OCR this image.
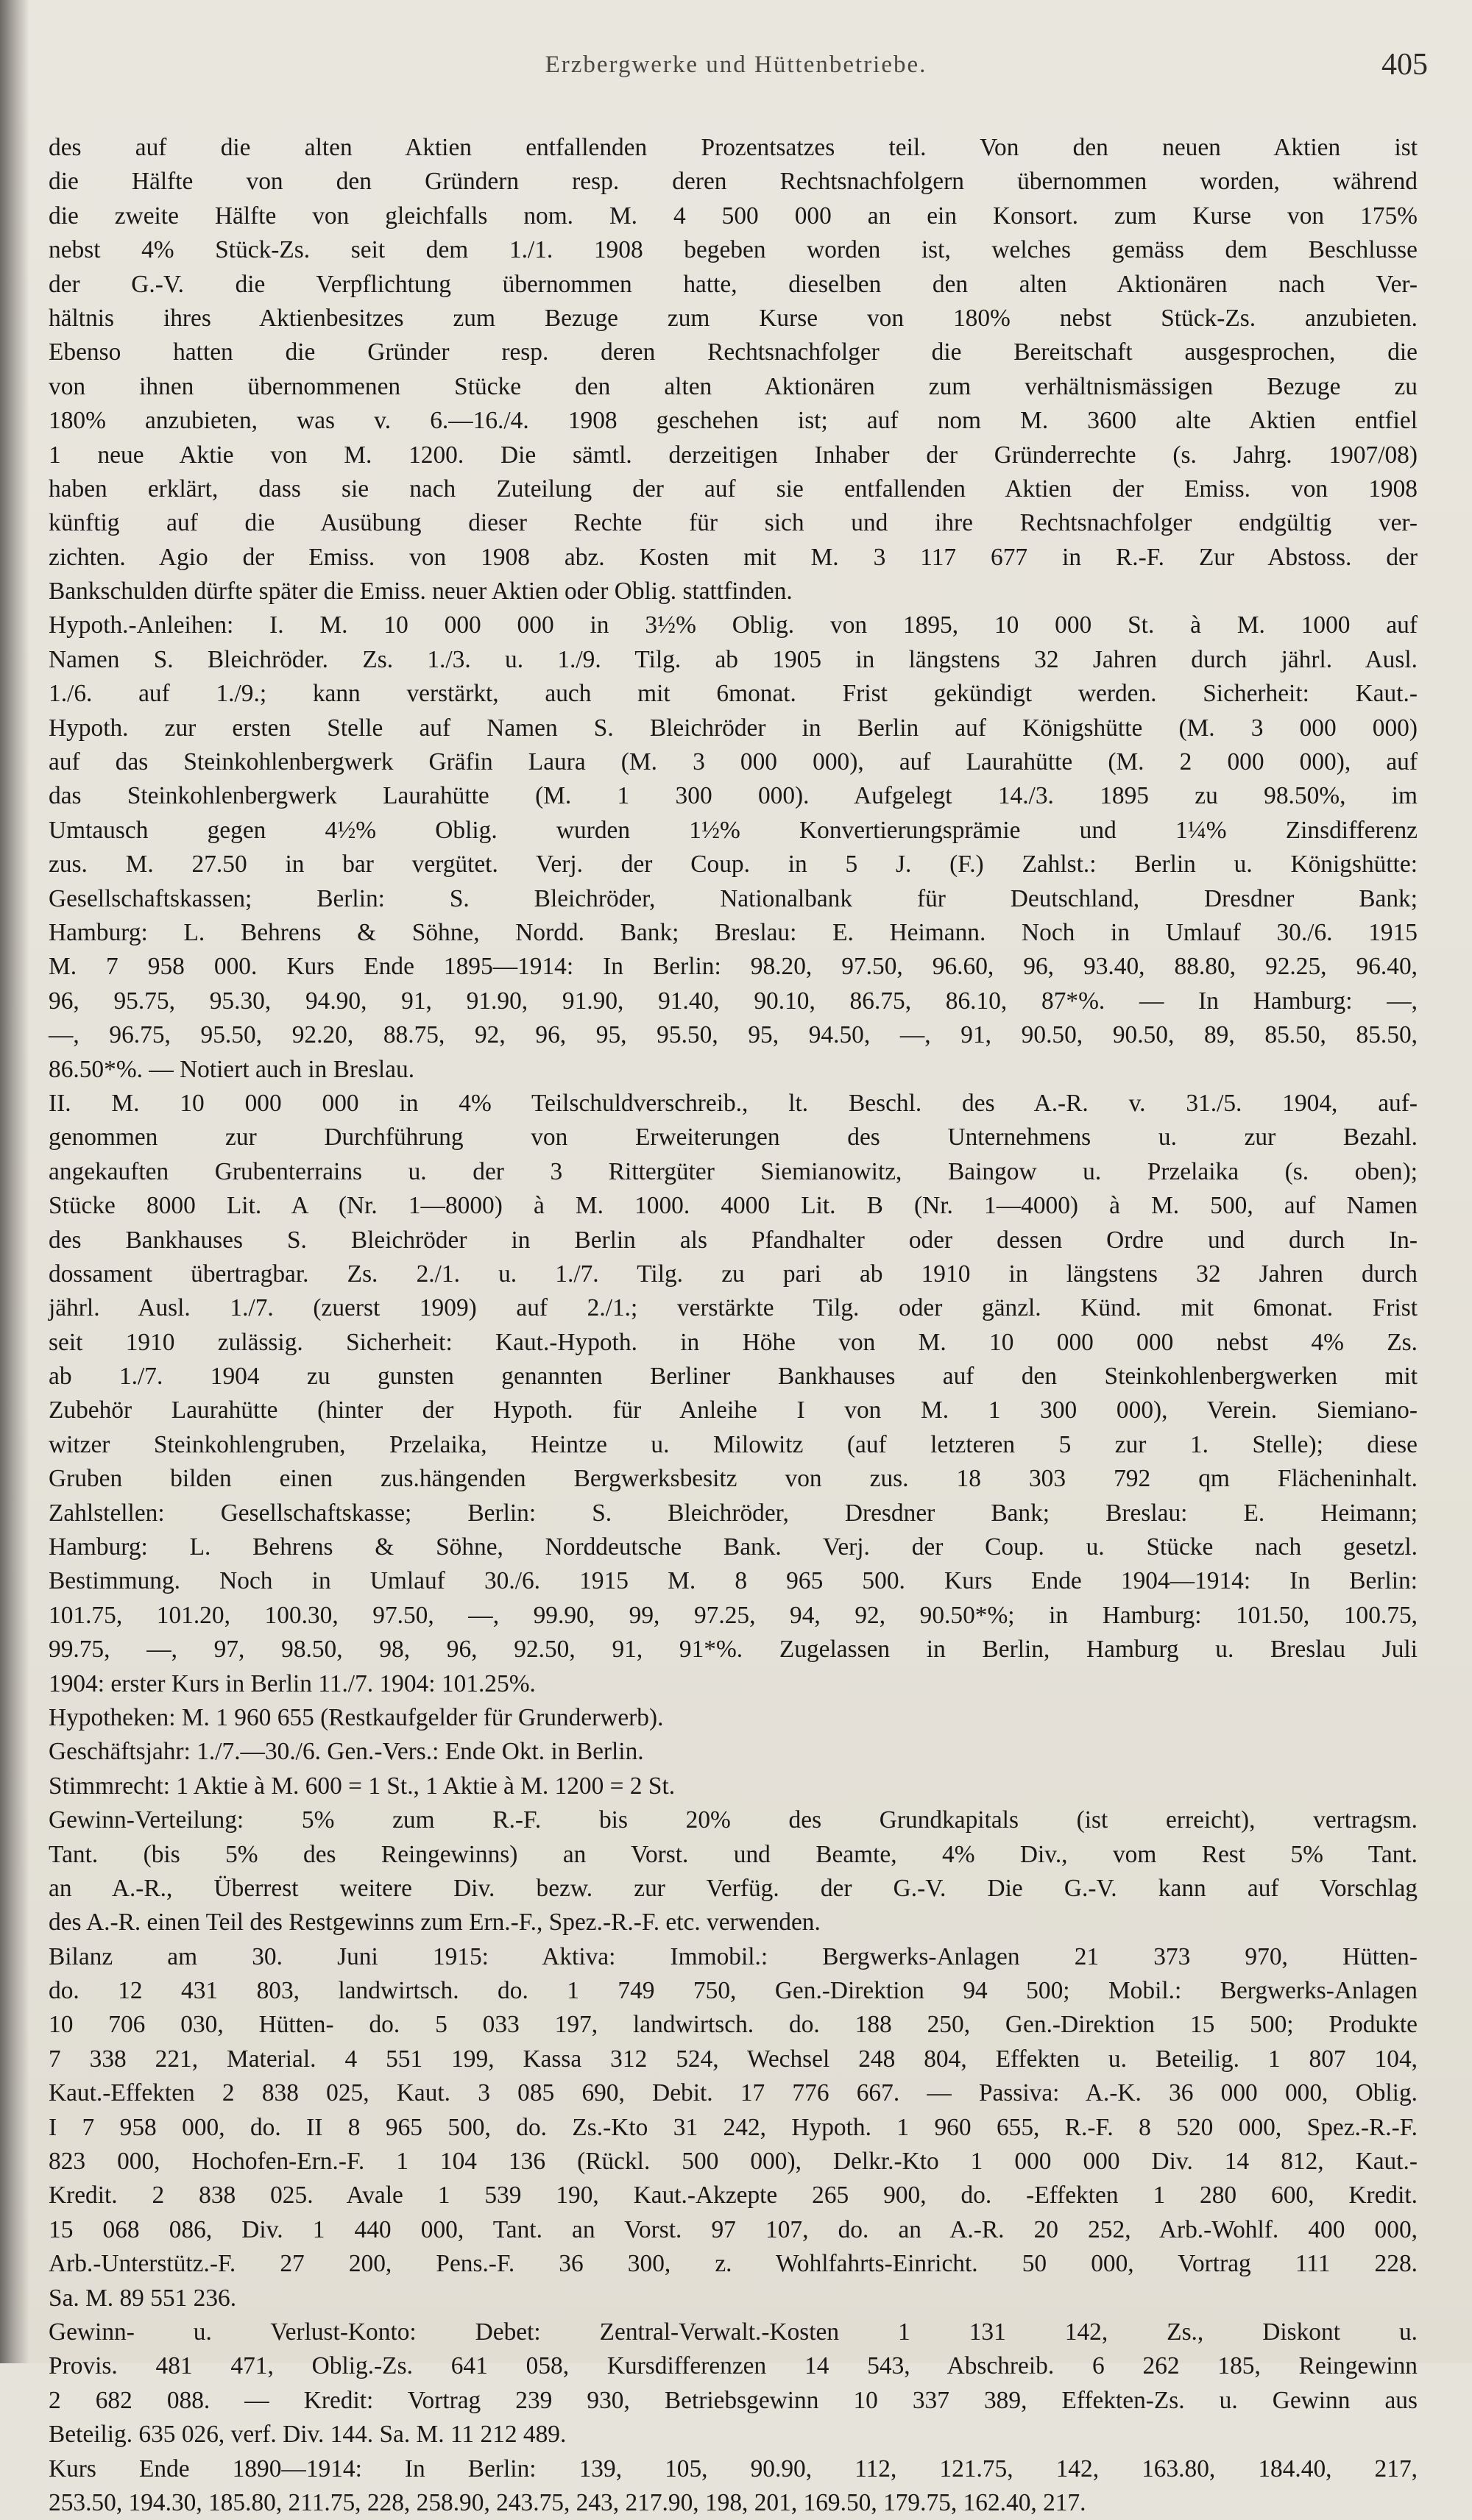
Erzbergwerke und Hüttenbetriebe.	405
des auf die alten Aktien entfallenden Prozentsatzes teil. Von den neuen Aktien ist
die Hälfte von den Gründern resp. deren Rechtsnachfolgern übernommen worden, während
die zweite Hälfte von gleichfalls nom. M. 4 500 000 an ein Konsort. zum Kurse von 175%
nebst 4% Stück-Zs. seit dem 1./1. 1908 begeben worden ist, welches gemäss dem Beschlusse
der G.-V. die Verpflichtung übernommen hatte, dieselben den alten Aktionären nach Ver-
hältnis ihres Aktienbesitzes zum Bezuge zum Kurse von 180% nebst Stück-Zs. anzubieten.
Ebenso hatten die Gründer resp. deren Rechtsnachfolger die Bereitschaft ausgesprochen, die
von ihnen übernommenen Stücke den alten Aktionären zum verhältnismässigen Bezuge zu
180% anzubieten, was v. 6.—16./4. 1908 geschehen ist; auf nom M. 3600 alte Aktien entfiel
1 neue Aktie von M. 1200. Die sämtl. derzeitigen Inhaber der Gründerrechte (s. Jahrg. 1907/08)
haben erklärt, dass sie nach Zuteilung der auf sie entfallenden Aktien der Emiss. von 1908
künftig auf die Ausübung dieser Rechte für sich und ihre Rechtsnachfolger endgültig ver-
zichten. Agio der Emiss. von 1908 abz. Kosten mit M. 3 117 677 in R.-F. Zur Abstoss. der
Bankschulden dürfte später die Emiss. neuer Aktien oder Oblig. stattfinden.
Hypoth.-Anleihen: I. M. 10 000 000 in 3½% Oblig. von 1895, 10 000 St. à M. 1000 auf
Namen S. Bleichröder. Zs. 1./3. u. 1./9. Tilg. ab 1905 in längstens 32 Jahren durch jährl. Ausl.
1./6. auf 1./9.; kann verstärkt, auch mit 6monat. Frist gekündigt werden. Sicherheit: Kaut.-
Hypoth. zur ersten Stelle auf Namen S. Bleichröder in Berlin auf Königshütte (M. 3 000 000)
auf das Steinkohlenbergwerk Gräfin Laura (M. 3 000 000), auf Laurahütte (M. 2 000 000), auf
das Steinkohlenbergwerk Laurahütte (M. 1 300 000). Aufgelegt 14./3. 1895 zu 98.50%, im
Umtausch gegen 4½% Oblig. wurden 1½% Konvertierungsprämie und 1¼% Zinsdifferenz
zus. M. 27.50 in bar vergütet. Verj. der Coup. in 5 J. (F.) Zahlst.: Berlin u. Königshütte:
Gesellschaftskassen; Berlin: S. Bleichröder, Nationalbank für Deutschland, Dresdner Bank;
Hamburg: L. Behrens & Söhne, Nordd. Bank; Breslau: E. Heimann. Noch in Umlauf 30./6. 1915
M. 7 958 000. Kurs Ende 1895—1914: In Berlin: 98.20, 97.50, 96.60, 96, 93.40, 88.80, 92.25, 96.40,
96, 95.75, 95.30, 94.90, 91, 91.90, 91.90, 91.40, 90.10, 86.75, 86.10, 87*%. — In Hamburg: —,
—, 96.75, 95.50, 92.20, 88.75, 92, 96, 95, 95.50, 95, 94.50, —, 91, 90.50, 90.50, 89, 85.50, 85.50,
86.50*%. — Notiert auch in Breslau.
II. M. 10 000 000 in 4% Teilschuldverschreib., lt. Beschl. des A.-R. v. 31./5. 1904, auf-
genommen zur Durchführung von Erweiterungen des Unternehmens u. zur Bezahl.
angekauften Grubenterrains u. der 3 Rittergüter Siemianowitz, Baingow u. Przelaika (s. oben);
Stücke 8000 Lit. A (Nr. 1—8000) à M. 1000. 4000 Lit. B (Nr. 1—4000) à M. 500, auf Namen
des Bankhauses S. Bleichröder in Berlin als Pfandhalter oder dessen Ordre und durch In-
dossament übertragbar. Zs. 2./1. u. 1./7. Tilg. zu pari ab 1910 in längstens 32 Jahren durch
jährl. Ausl. 1./7. (zuerst 1909) auf 2./1.; verstärkte Tilg. oder gänzl. Künd. mit 6monat. Frist
seit 1910 zulässig. Sicherheit: Kaut.-Hypoth. in Höhe von M. 10 000 000 nebst 4% Zs.
ab 1./7. 1904 zu gunsten genannten Berliner Bankhauses auf den Steinkohlenbergwerken mit
Zubehör Laurahütte (hinter der Hypoth. für Anleihe I von M. 1 300 000), Verein. Siemiano-
witzer Steinkohlengruben, Przelaika, Heintze u. Milowitz (auf letzteren 5 zur 1. Stelle); diese
Gruben bilden einen zus.hängenden Bergwerksbesitz von zus. 18 303 792 qm Flächeninhalt.
Zahlstellen: Gesellschaftskasse; Berlin: S. Bleichröder, Dresdner Bank; Breslau: E. Heimann;
Hamburg: L. Behrens & Söhne, Norddeutsche Bank. Verj. der Coup. u. Stücke nach gesetzl.
Bestimmung. Noch in Umlauf 30./6. 1915 M. 8 965 500. Kurs Ende 1904—1914: In Berlin:
101.75, 101.20, 100.30, 97.50, —, 99.90, 99, 97.25, 94, 92, 90.50*%; in Hamburg: 101.50, 100.75,
99.75, —, 97, 98.50, 98, 96, 92.50, 91, 91*%. Zugelassen in Berlin, Hamburg u. Breslau Juli
1904: erster Kurs in Berlin 11./7. 1904: 101.25%.
Hypotheken: M. 1 960 655 (Restkaufgelder für Grunderwerb).
Geschäftsjahr: 1./7.—30./6. Gen.-Vers.: Ende Okt. in Berlin.
Stimmrecht: 1 Aktie à M. 600 = 1 St., 1 Aktie à M. 1200 = 2 St.
Gewinn-Verteilung: 5% zum R.-F. bis 20% des Grundkapitals (ist erreicht), vertragsm.
Tant. (bis 5% des Reingewinns) an Vorst. und Beamte, 4% Div., vom Rest 5% Tant.
an A.-R., Überrest weitere Div. bezw. zur Verfüg. der G.-V. Die G.-V. kann auf Vorschlag
des A.-R. einen Teil des Restgewinns zum Ern.-F., Spez.-R.-F. etc. verwenden.
Bilanz am 30. Juni 1915: Aktiva: Immobil.: Bergwerks-Anlagen 21 373 970, Hütten-
do. 12 431 803, landwirtsch. do. 1 749 750, Gen.-Direktion 94 500; Mobil.: Bergwerks-Anlagen
10 706 030, Hütten- do. 5 033 197, landwirtsch. do. 188 250, Gen.-Direktion 15 500; Produkte
7 338 221, Material. 4 551 199, Kassa 312 524, Wechsel 248 804, Effekten u. Beteilig. 1 807 104,
Kaut.-Effekten 2 838 025, Kaut. 3 085 690, Debit. 17 776 667. — Passiva: A.-K. 36 000 000, Oblig.
I 7 958 000, do. II 8 965 500, do. Zs.-Kto 31 242, Hypoth. 1 960 655, R.-F. 8 520 000, Spez.-R.-F.
823 000, Hochofen-Ern.-F. 1 104 136 (Rückl. 500 000), Delkr.-Kto 1 000 000 Div. 14 812, Kaut.-
Kredit. 2 838 025. Avale 1 539 190, Kaut.-Akzepte 265 900, do. -Effekten 1 280 600, Kredit.
15 068 086, Div. 1 440 000, Tant. an Vorst. 97 107, do. an A.-R. 20 252, Arb.-Wohlf. 400 000,
Arb.-Unterstütz.-F. 27 200, Pens.-F. 36 300, z. Wohlfahrts-Einricht. 50 000, Vortrag 111 228.
Sa. M. 89 551 236.
Gewinn- u. Verlust-Konto: Debet: Zentral-Verwalt.-Kosten 1 131 142, Zs., Diskont u.
Provis. 481 471, Oblig.-Zs. 641 058, Kursdifferenzen 14 543, Abschreib. 6 262 185, Reingewinn
2 682 088. — Kredit: Vortrag 239 930, Betriebsgewinn 10 337 389, Effekten-Zs. u. Gewinn aus
Beteilig. 635 026, verf. Div. 144. Sa. M. 11 212 489.
Kurs Ende 1890—1914: In Berlin: 139, 105, 90.90, 112, 121.75, 142, 163.80, 184.40, 217,
253.50, 194.30, 185.80, 211.75, 228, 258.90, 243.75, 243, 217.90, 198, 201, 169.50, 179.75, 162.40, 217.
